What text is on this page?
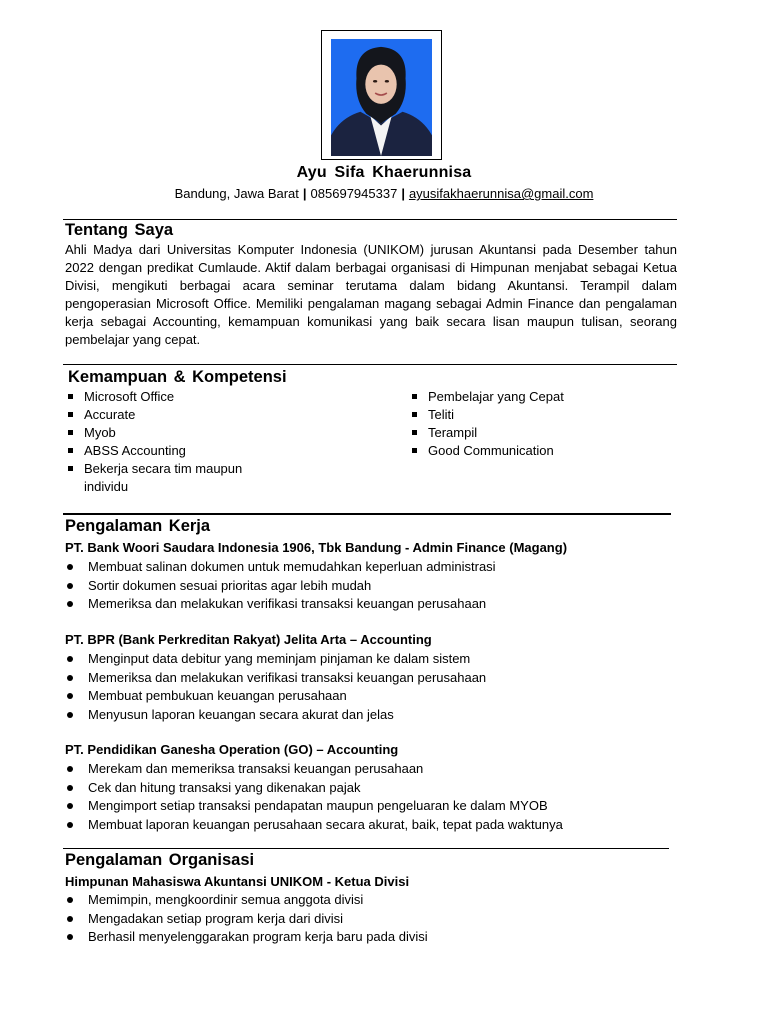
Ayu Sifa Khaerunnisa
Bandung, Jawa Barat | 085697945337 | ayusifakhaerunnisa@gmail.com
Tentang Saya
Ahli Madya dari Universitas Komputer Indonesia (UNIKOM) jurusan Akuntansi pada Desember tahun 2022 dengan predikat Cumlaude. Aktif dalam berbagai organisasi di Himpunan menjabat sebagai Ketua Divisi, mengikuti berbagai acara seminar terutama dalam bidang Akuntansi. Terampil dalam pengoperasian Microsoft Office. Memiliki pengalaman magang sebagai Admin Finance dan pengalaman kerja sebagai Accounting, kemampuan komunikasi yang baik secara lisan maupun tulisan, seorang pembelajar yang cepat.
Kemampuan & Kompetensi
Microsoft Office
Accurate
Myob
ABSS Accounting
Bekerja secara tim maupun individu
Pembelajar yang Cepat
Teliti
Terampil
Good Communication
Pengalaman Kerja
PT. Bank Woori Saudara Indonesia 1906, Tbk Bandung - Admin Finance (Magang)
Membuat salinan dokumen untuk memudahkan keperluan administrasi
Sortir dokumen sesuai prioritas agar lebih mudah
Memeriksa dan melakukan verifikasi transaksi keuangan perusahaan
PT. BPR (Bank Perkreditan Rakyat) Jelita Arta – Accounting
Menginput data debitur yang meminjam pinjaman ke dalam sistem
Memeriksa dan melakukan verifikasi transaksi keuangan perusahaan
Membuat pembukuan keuangan perusahaan
Menyusun laporan keuangan secara akurat dan jelas
PT. Pendidikan Ganesha Operation (GO) – Accounting
Merekam dan memeriksa transaksi keuangan perusahaan
Cek dan hitung transaksi yang dikenakan pajak
Mengimport setiap transaksi pendapatan maupun pengeluaran ke dalam MYOB
Membuat laporan keuangan perusahaan secara akurat, baik, tepat pada waktunya
Pengalaman Organisasi
Himpunan Mahasiswa Akuntansi UNIKOM - Ketua Divisi
Memimpin, mengkoordinir semua anggota divisi
Mengadakan setiap program kerja dari divisi
Berhasil menyelenggarakan program kerja baru pada divisi
